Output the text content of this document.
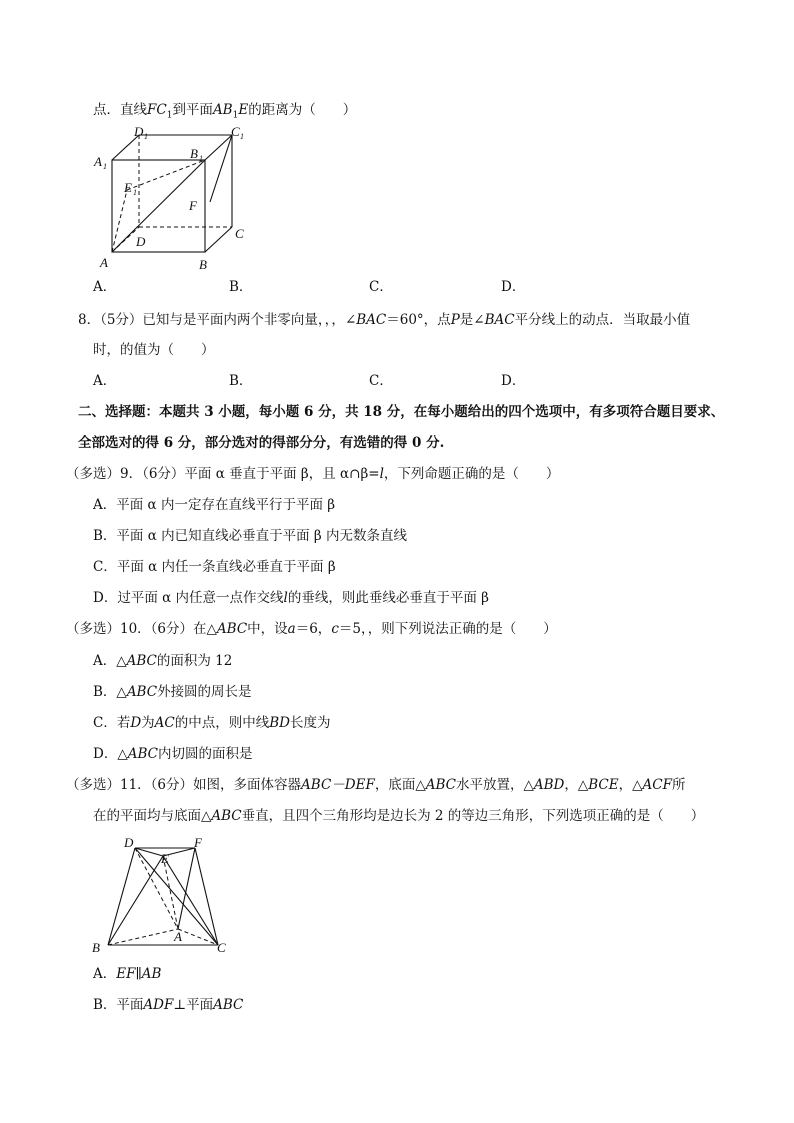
点．直线$FC_1$到平面$AB_1E$的距离为（　　）
D 1	C 1
A 1
B 1
E 1
F
D
C
A	B
A．	B．	C．	D．
8．（5分）已知与是平面内两个非零向量，，，∠BAC＝60°，点P是∠BAC平分线上的动点．当取最小值
时，的值为（　　）
A．	B．	C．	D．
二、选择题：本题共 3 小题，每小题 6 分，共 18 分，在每小题给出的四个选项中，有多项符合题目要求、
全部选对的得 6 分，部分选对的得部分分，有选错的得 0 分.
（多选）9．（6分）平面 α 垂直于平面 β，且 α∩β=l，下列命题正确的是（　　）
A．平面 α 内一定存在直线平行于平面 β
B．平面 α 内已知直线必垂直于平面 β 内无数条直线
C．平面 α 内任一条直线必垂直于平面 β
D．过平面 α 内任意一点作交线l的垂线，则此垂线必垂直于平面 β
（多选）10．（6分）在△ABC中，设a＝6，c＝5，，则下列说法正确的是（　　）
A．△ABC的面积为 12
B．△ABC外接圆的周长是
C．若D为AC的中点，则中线BD长度为
D．△ABC内切圆的面积是
（多选）11．（6分）如图，多面体容器ABC－DEF，底面△ABC水平放置，△ABD，△BCE，△ACF所
在的平面均与底面△ABC垂直，且四个三角形均是边长为 2 的等边三角形，下列选项正确的是（　　）
D
E
F
A
B	C
A．EF∥AB
B．平面ADF⊥平面ABC
